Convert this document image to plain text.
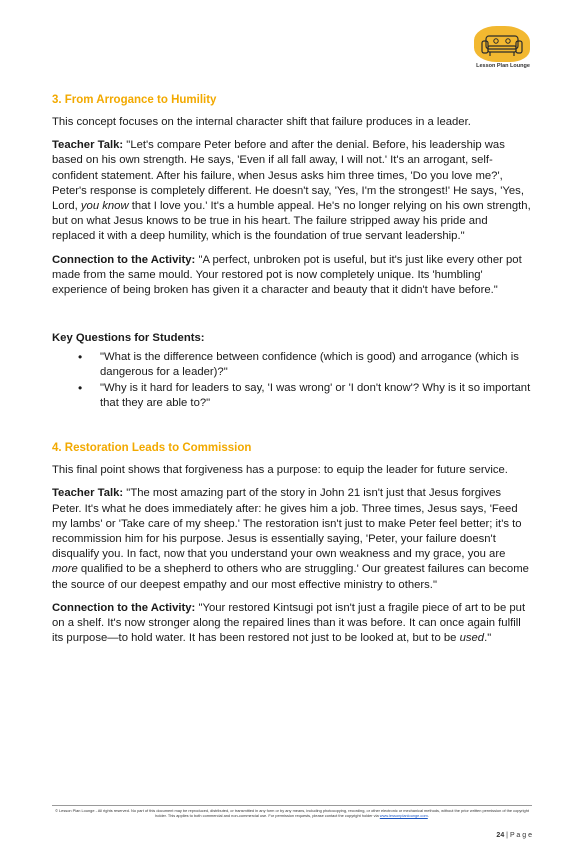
Lesson Plan Lounge
3. From Arrogance to Humility

This concept focuses on the internal character shift that failure produces in a leader.

Teacher Talk: "Let's compare Peter before and after the denial. Before, his leadership was based on his own strength. He says, 'Even if all fall away, I will not.' It's an arrogant, self-confident statement. After his failure, when Jesus asks him three times, 'Do you love me?', Peter's response is completely different. He doesn't say, 'Yes, I'm the strongest!' He says, 'Yes, Lord, you know that I love you.' It's a humble appeal. He's no longer relying on his own strength, but on what Jesus knows to be true in his heart. The failure stripped away his pride and replaced it with a deep humility, which is the foundation of true servant leadership."

Connection to the Activity: "A perfect, unbroken pot is useful, but it's just like every other pot made from the same mould. Your restored pot is now completely unique. Its 'humbling' experience of being broken has given it a character and beauty that it didn't have before."

Key Questions for Students:
• "What is the difference between confidence (which is good) and arrogance (which is dangerous for a leader)?"
• "Why is it hard for leaders to say, 'I was wrong' or 'I don't know'? Why is it so important that they are able to?"
4. Restoration Leads to Commission

This final point shows that forgiveness has a purpose: to equip the leader for future service.

Teacher Talk: "The most amazing part of the story in John 21 isn't just that Jesus forgives Peter. It's what he does immediately after: he gives him a job. Three times, Jesus says, 'Feed my lambs' or 'Take care of my sheep.' The restoration isn't just to make Peter feel better; it's to recommission him for his purpose. Jesus is essentially saying, 'Peter, your failure doesn't disqualify you. In fact, now that you understand your own weakness and my grace, you are more qualified to be a shepherd to others who are struggling.' Our greatest failures can become the source of our deepest empathy and our most effective ministry to others."

Connection to the Activity: "Your restored Kintsugi pot isn't just a fragile piece of art to be put on a shelf. It's now stronger along the repaired lines than it was before. It can once again fulfill its purpose—to hold water. It has been restored not just to be looked at, but to be used."

© Lesson Plan Lounge - All rights reserved. No part of this document may be reproduced, distributed, or transmitted in any form or by any means, including photocopying, recording, or other electronic or mechanical methods, without the prior written permission of the copyright holder. This applies to both commercial and non-commercial use. For permission requests, please contact the copyright holder via www.lessonplanlounge.com.
24 | P a g e
